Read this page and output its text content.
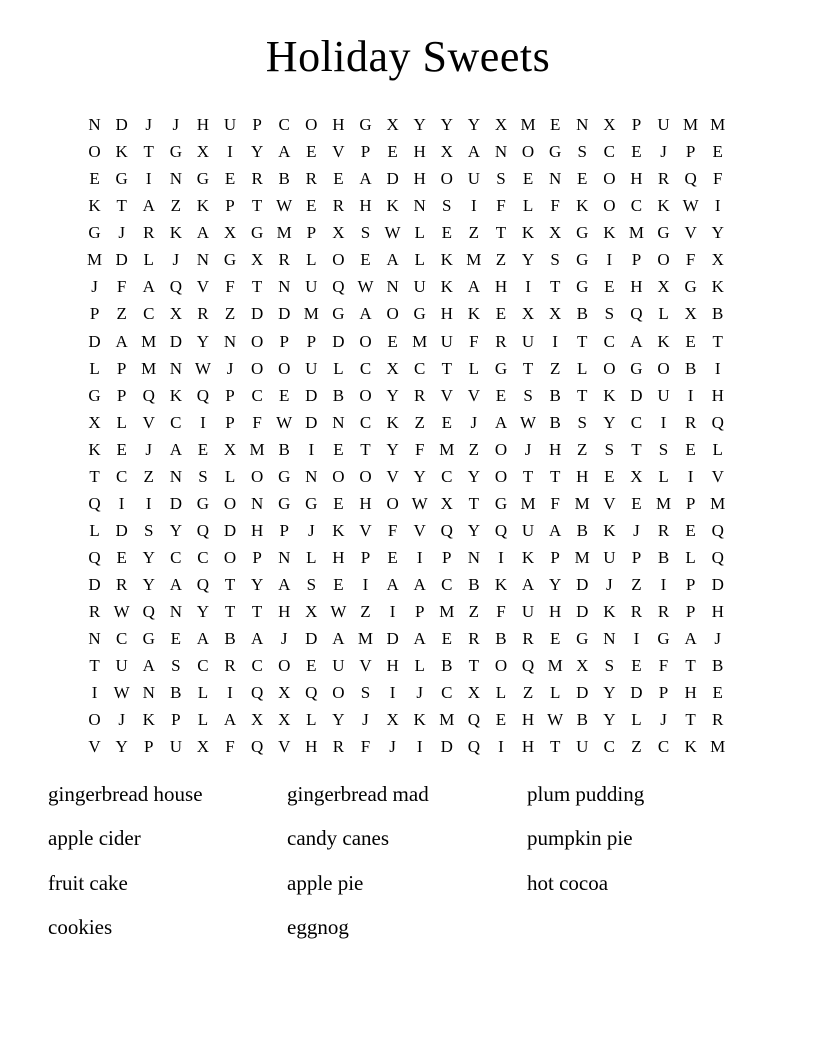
Holiday Sweets
N D	J	J	H U P C O H G X Y Y Y X M E N X P U M M
O K T G X	I	Y A E V P	E H X A N O G S C E	J	P	E
E G	I	N G E R B R E A D H O U S	E N E O H R Q F
K T A Z K P	T W E R H K N S	I	F	L	F K O C K W I
G	J	R K A X G M P X S W L E Z T K X G K M G V Y
M D L	J	N G X R L O E A L K M Z Y S G	I	P O F X
J	F A Q V F	T N U Q W N U K A H	I	T G E H X G K
P	Z C X R Z D D M G A O G H K E X X B S Q L X B
D A M D Y N O P	P D O E M U F R U	I	T C A K E T
L	P M N W J	O O U L C X C T L G T Z L O G O B	I
G P Q K Q P C E D B O Y R V V E	S B T K D U	I	H
X L V C	I	P	F W D N C K Z E	J	A W B S Y C	I	R Q
K E	J	A E X M B	I	E T Y F M Z O	J	H Z	S	T	S	E L
T C Z N S	L O G N O O V Y C Y O T T H E X L	I	V
Q	I	I	D G O N G G E H O W X T G M F M V E M P M
L D S Y Q D H P	J	K V F V Q Y Q U A B K	J	R E Q
Q E Y C C O P N L H P	E	I	P N	I	K P M U P B L Q
D R Y A Q T Y A S	E	I	A A C B K A Y D	J	Z	I	P D
R W Q N Y T T H X W Z	I	P M Z	F U H D K R R P H
N C G E A B A	J	D A M D A E R B R E G N	I	G A	J
T U A S C R C O E U V H L B T O Q M X S	E	F	T B
I W N B L	I	Q X Q O S	I	J	C X L Z L D Y D P H E
O	J	K P	L A X X L Y	J	X K M Q E H W B Y L	J	T R
V Y P U X F Q V H R F	J	I	D Q	I	H T U C Z C K M
gingerbread house	gingerbread mad	plum pudding
apple cider	candy canes	pumpkin pie
fruit cake	apple pie	hot cocoa
cookies	eggnog
